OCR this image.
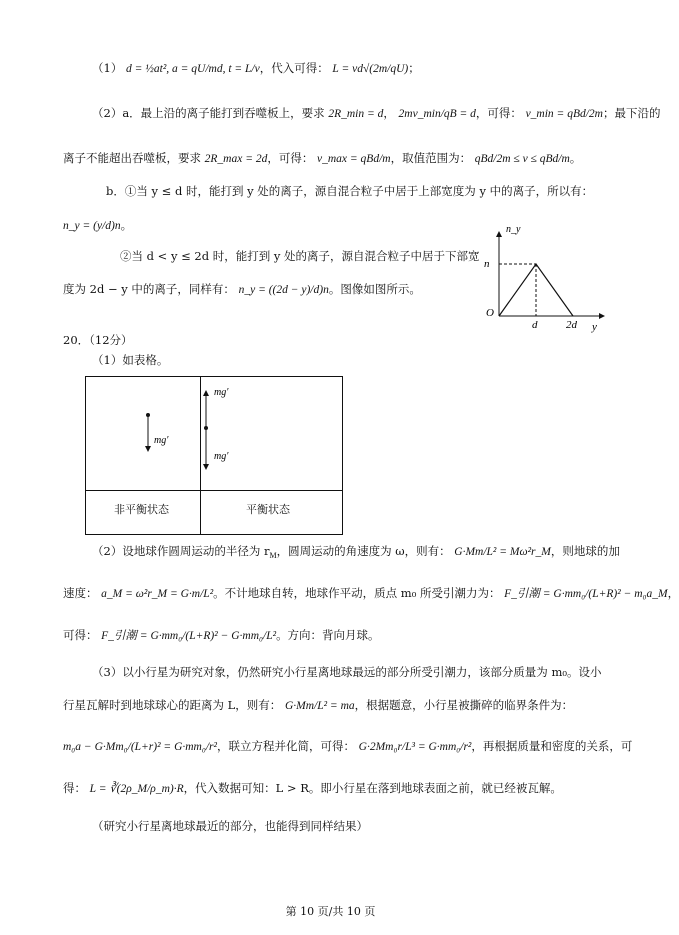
（1） d = ½at², a = qU/md, t = L/v，代入可得： L = vd√(2m/qU)；
（2）a．最上沿的离子能打到吞噬板上，要求 2R_min = d， 2mv_min/qB = d，可得： v_min = qBd/2m；最下沿的
离子不能超出吞噬板，要求 2R_max = 2d，可得： v_max = qBd/m，取值范围为： qBd/2m ≤ v ≤ qBd/m。
b．①当 y ≤ d 时，能打到 y 处的离子，源自混合粒子中居于上部宽度为 y 中的离子，所以有：
n_y = (y/d)n。
②当 d < y ≤ 2d 时，能打到 y 处的离子，源自混合粒子中居于下部宽
度为 2d − y 中的离子，同样有： n_y = ((2d − y)/d)n。图像如图所示。
n_y
n
O
d	2d y
20．（12分）
（1）如表格。
mg′
mg′
mg′
非平衡状态	平衡状态
（2）设地球作圆周运动的半径为 $r_M$，圆周运动的角速度为 ω，则有： G·Mm/L² = Mω²r_M，则地球的加
速度： a_M = ω²r_M = G·m/L²。不计地球自转，地球作平动，质点 m₀ 所受引潮力为： F_引潮 = G·mm₀/(L+R)² − m₀a_M，
可得： F_引潮 = G·mm₀/(L+R)² − G·mm₀/L²。方向：背向月球。
（3）以小行星为研究对象，仍然研究小行星离地球最远的部分所受引潮力，该部分质量为 m₀。设小
行星瓦解时到地球球心的距离为 L，则有： G·Mm/L² = ma，根据题意，小行星被撕碎的临界条件为：
m₀a − G·Mm₀/(L+r)² = G·mm₀/r²，联立方程并化简，可得： G·2Mm₀r/L³ = G·mm₀/r²，再根据质量和密度的关系，可
得： L = ∛(2ρ_M/ρ_m)·R，代入数据可知：L > R。即小行星在落到地球表面之前，就已经被瓦解。
（研究小行星离地球最近的部分，也能得到同样结果）
第 10 页/共 10 页
